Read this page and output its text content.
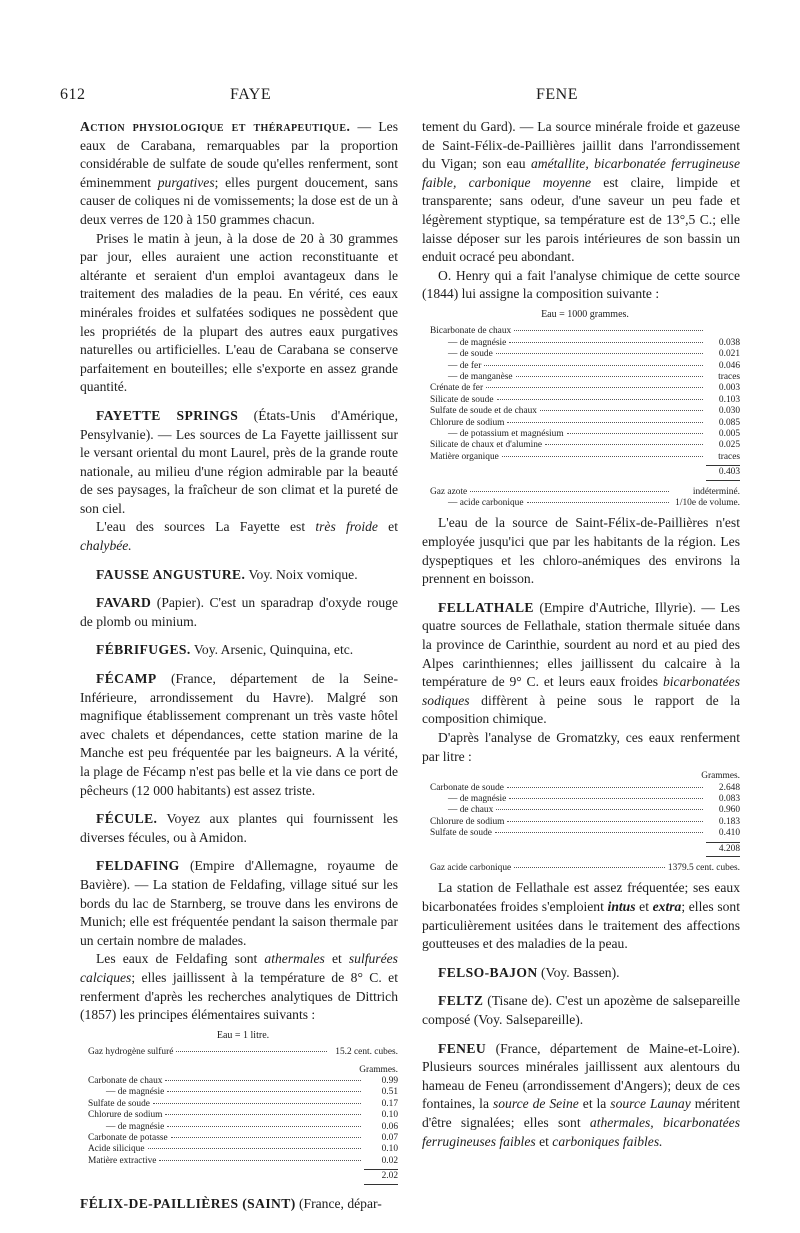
612	FAYE	FENE

Action physiologique et thérapeutique. — Les eaux de Carabana, remarquables par la proportion considérable de sulfate de soude qu'elles renferment, sont éminemment purgatives; elles purgent doucement, sans causer de coliques ni de vomissements; la dose est de un à deux verres de 120 à 150 grammes chacun.

Prises le matin à jeun, à la dose de 20 à 30 grammes par jour, elles auraient une action reconstituante et altérante et seraient d'un emploi avantageux dans le traitement des maladies de la peau. En vérité, ces eaux minérales froides et sulfatées sodiques ne possèdent que les propriétés de la plupart des autres eaux purgatives naturelles ou artificielles. L'eau de Carabana se conserve parfaitement en bouteilles; elle s'exporte en assez grande quantité.

FAYETTE SPRINGS (États-Unis d'Amérique, Pensylvanie). — Les sources de La Fayette jaillissent sur le versant oriental du mont Laurel, près de la grande route nationale, au milieu d'une région admirable par la beauté de ses paysages, la fraîcheur de son climat et la pureté de son ciel.

L'eau des sources La Fayette est très froide et chalybée.

FAUSSE ANGUSTURE. Voy. Noix vomique.

FAVARD (Papier). C'est un sparadrap d'oxyde rouge de plomb ou minium.

FÉBRIFUGES. Voy. Arsenic, Quinquina, etc.

FÉCAMP (France, département de la Seine-Inférieure, arrondissement du Havre). Malgré son magnifique établissement comprenant un très vaste hôtel avec chalets et dépendances, cette station marine de la Manche est peu fréquentée par les baigneurs. A la vérité, la plage de Fécamp n'est pas belle et la vie dans ce port de pêcheurs (12 000 habitants) est assez triste.

FÉCULE. Voyez aux plantes qui fournissent les diverses fécules, ou à Amidon.

FELDAFING (Empire d'Allemagne, royaume de Bavière). — La station de Feldafing, village situé sur les bords du lac de Starnberg, se trouve dans les environs de Munich; elle est fréquentée pendant la saison thermale par un certain nombre de malades.

Les eaux de Feldafing sont athermales et sulfurées calciques; elles jaillissent à la température de 8° C. et renferment d'après les recherches analytiques de Dittrich (1857) les principes élémentaires suivants :

Eau = 1 litre.
Gaz hydrogène sulfuré	15.2 cent. cubes.
Grammes.
Carbonate de chaux	0.99
— de magnésie	0.51
Sulfate de soude	0.17
Chlorure de sodium	0.10
— de magnésie	0.06
Carbonate de potasse	0.07
Acide silicique	0.10
Matière extractive	0.02
2.02

FÉLIX-DE-PAILLIÈRES (SAINT) (France, dépar-

tement du Gard). — La source minérale froide et gazeuse de Saint-Félix-de-Paillières jaillit dans l'arrondissement du Vigan; son eau amétallite, bicarbonatée ferrugineuse faible, carbonique moyenne est claire, limpide et transparente; sans odeur, d'une saveur un peu fade et légèrement styptique, sa température est de 13°,5 C.; elle laisse déposer sur les parois intérieures de son bassin un enduit ocracé peu abondant.

O. Henry qui a fait l'analyse chimique de cette source (1844) lui assigne la composition suivante :

Eau = 1000 grammes.
Bicarbonate de chaux
— de magnésie	0.038
— de soude	0.021
— de fer	0.046
— de manganèse	traces
Crénate de fer	0.003
Silicate de soude	0.103
Sulfate de soude et de chaux	0.030
Chlorure de sodium	0.085
— de potassium et magnésium	0.005
Silicate de chaux et d'alumine	0.025
Matière organique	traces
0.403
Gaz azote	indéterminé.
— acide carbonique	1/10e de volume.

L'eau de la source de Saint-Félix-de-Paillières n'est employée jusqu'ici que par les habitants de la région. Les dyspeptiques et les chloro-anémiques des environs la prennent en boisson.

FELLATHALE (Empire d'Autriche, Illyrie). — Les quatre sources de Fellathale, station thermale située dans la province de Carinthie, sourdent au nord et au pied des Alpes carinthiennes; elles jaillissent du calcaire à la température de 9° C. et leurs eaux froides bicarbonatées sodiques diffèrent à peine sous le rapport de la composition chimique.

D'après l'analyse de Gromatzky, ces eaux renferment par litre :

Grammes.
Carbonate de soude	2.648
— de magnésie	0.083
— de chaux	0.960
Chlorure de sodium	0.183
Sulfate de soude	0.410
4.208
Gaz acide carbonique	1379.5 cent. cubes.

La station de Fellathale est assez fréquentée; ses eaux bicarbonatées froides s'emploient intus et extra; elles sont particulièrement usitées dans le traitement des affections goutteuses et des maladies de la peau.

FELSO-BAJON (Voy. Bassen).

FELTZ (Tisane de). C'est un apozème de salsepareille composé (Voy. Salsepareille).

FENEU (France, département de Maine-et-Loire). Plusieurs sources minérales jaillissent aux alentours du hameau de Feneu (arrondissement d'Angers); deux de ces fontaines, la source de Seine et la source Launay méritent d'être signalées; elles sont athermales, bicarbonatées ferrugineuses faibles et carboniques faibles.
